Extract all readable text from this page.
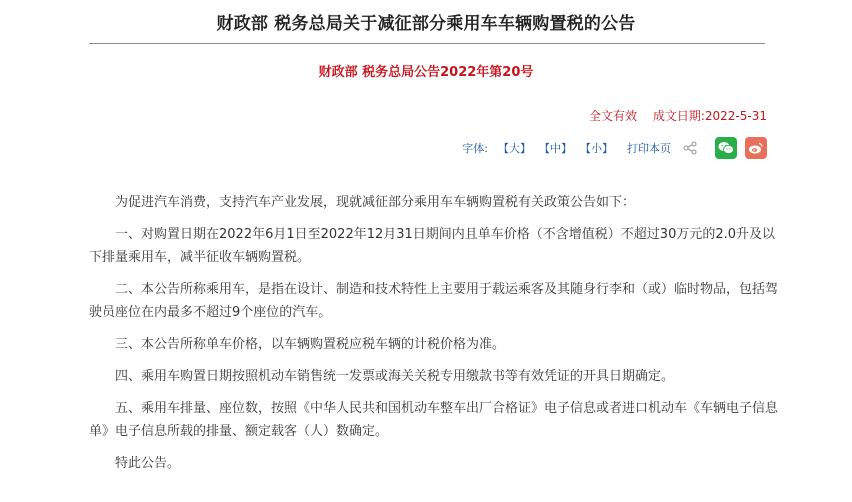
财政部 税务总局关于减征部分乘用车车辆购置税的公告
财政部 税务总局公告2022年第20号
全文有效 成文日期:2022-5-31
字体: 【大】 【中】 【小】 打印本页

为促进汽车消费，支持汽车产业发展，现就减征部分乘用车车辆购置税有关政策公告如下：

一、对购置日期在2022年6月1日至2022年12月31日期间内且单车价格（不含增值税）不超过30万元的2.0升及以下排量乘用车，减半征收车辆购置税。

二、本公告所称乘用车，是指在设计、制造和技术特性上主要用于载运乘客及其随身行李和（或）临时物品，包括驾驶员座位在内最多不超过9个座位的汽车。

三、本公告所称单车价格，以车辆购置税应税车辆的计税价格为准。

四、乘用车购置日期按照机动车销售统一发票或海关关税专用缴款书等有效凭证的开具日期确定。

五、乘用车排量、座位数，按照《中华人民共和国机动车整车出厂合格证》电子信息或者进口机动车《车辆电子信息单》电子信息所载的排量、额定载客（人）数确定。

特此公告。
